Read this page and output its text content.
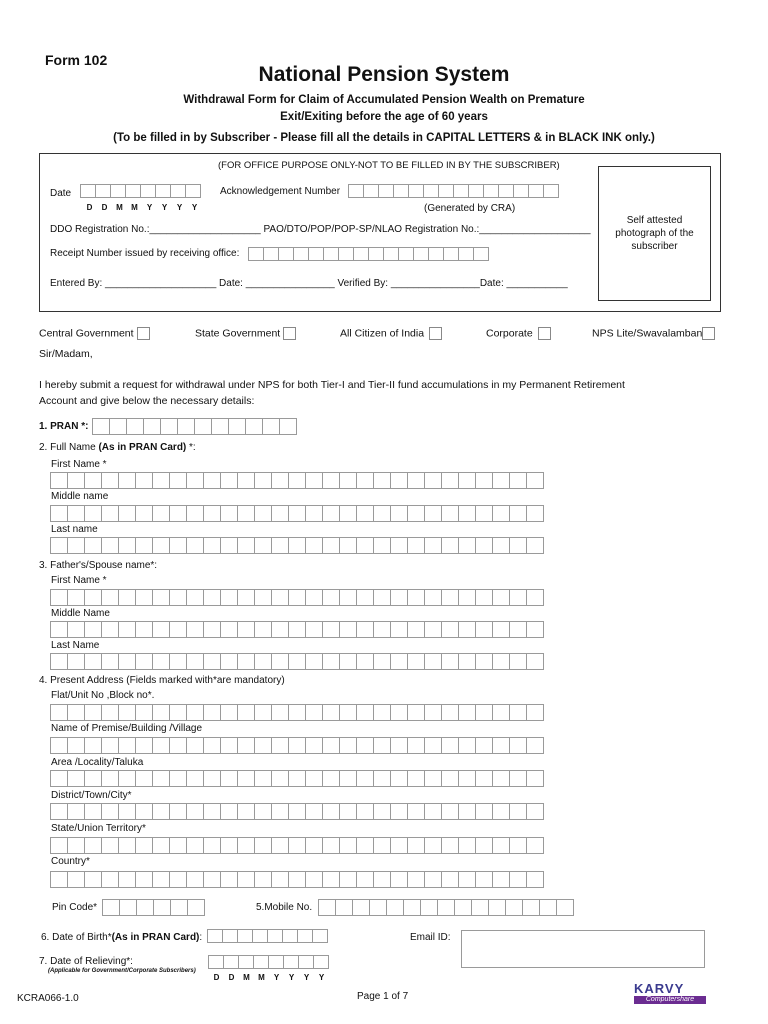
Form 102
National Pension System
Withdrawal Form for Claim of Accumulated Pension Wealth on Premature
Exit/Exiting before the age of 60 years
(To be filled in by Subscriber - Please fill all the details in CAPITAL LETTERS & in BLACK INK only.)
(FOR OFFICE PURPOSE ONLY-NOT TO BE FILLED IN BY THE SUBSCRIBER)
Date
D	D	M	M	Y	Y	Y	Y
Acknowledgement Number
(Generated by CRA)
DDO Registration No.:____________________ PAO/DTO/POP/POP-SP/NLAO Registration No.:____________________
Receipt Number issued by receiving office:
Entered By: ____________________ Date: ________________ Verified By: ________________Date: ___________
Self attested photograph of the subscriber
Central Government	State Government	All Citizen of India	Corporate	NPS Lite/Swavalamban
Sir/Madam,
I hereby submit a request for withdrawal under NPS for both Tier-I and Tier-II fund accumulations in my Permanent Retirement
Account and give below the necessary details:
1. PRAN *:
2. Full Name (As in PRAN Card) *:
First Name *
Middle name
Last name
3. Father's/Spouse name*:
First Name *
Middle Name
Last Name
4. Present Address (Fields marked with*are mandatory)
Flat/Unit No ,Block no*.
Name of Premise/Building /Village
Area /Locality/Taluka
District/Town/City*
State/Union Territory*
Country*
Pin Code*	5.Mobile No.
6. Date of Birth*(As in PRAN Card):	Email ID:
7. Date of Relieving*:
(Applicable for Government/Corporate Subscribers)
D	D	M	M	Y	Y	Y	Y
KCRA066-1.0	Page 1 of 7
KARVY
Computershare
